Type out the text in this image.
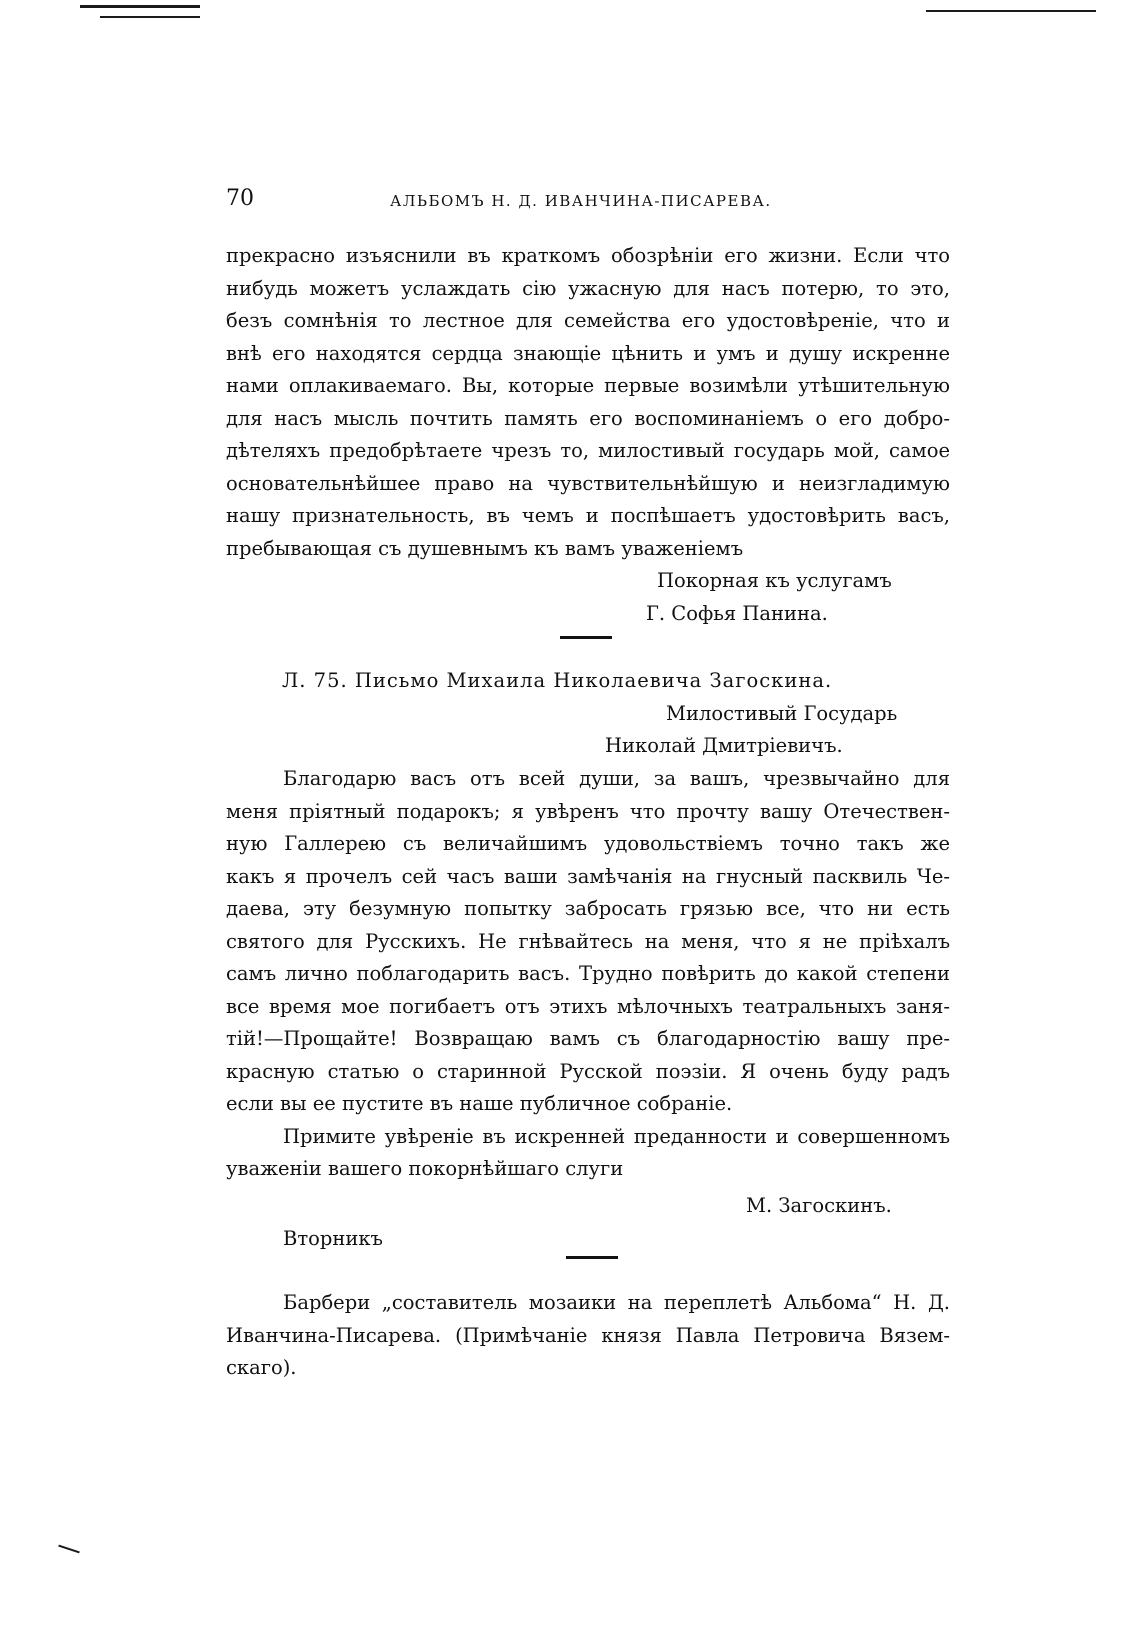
70	АЛЬБОМЪ Н. Д. ИВАНЧИНА-ПИСАРЕВА.
прекрасно изъяснили въ краткомъ обозрѣніи его жизни. Если что
нибудь можетъ услаждать сію ужасную для насъ потерю, то это,
безъ сомнѣнія то лестное для семейства его удостовѣреніе, что и
внѣ его находятся сердца знающіе цѣнить и умъ и душу искренне
нами оплакиваемаго. Вы, которые первые возимѣли утѣшительную
для насъ мысль почтить память его воспоминаніемъ о его добро-
дѣтеляхъ предобрѣтаете чрезъ то, милостивый государь мой, самое
основательнѣйшее право на чувствительнѣйшую и неизгладимую
нашу признательность, въ чемъ и поспѣшаетъ удостовѣрить васъ,
пребывающая съ душевнымъ къ вамъ уваженіемъ
Покорная къ услугамъ
Г. Софья Панина.
Л. 75. Письмо Михаила Николаевича Загоскина.
Милостивый Государь
Николай Дмитріевичъ.
Благодарю васъ отъ всей души, за вашъ, чрезвычайно для
меня пріятный подарокъ; я увѣренъ что прочту вашу Отечествен-
ную Галлерею съ величайшимъ удовольствіемъ точно такъ же
какъ я прочелъ сей часъ ваши замѣчанія на гнусный пасквиль Че-
даева, эту безумную попытку забросать грязью все, что ни есть
святого для Русскихъ. Не гнѣвайтесь на меня, что я не пріѣхалъ
самъ лично поблагодарить васъ. Трудно повѣрить до какой степени
все время мое погибаетъ отъ этихъ мѣлочныхъ театральныхъ заня-
тій!—Прощайте! Возвращаю вамъ съ благодарностію вашу пре-
красную статью о старинной Русской поэзіи. Я очень буду радъ
если вы ее пустите въ наше публичное собраніе.
Примите увѣреніе въ искренней преданности и совершенномъ
уваженіи вашего покорнѣйшаго слуги
М. Загоскинъ.
Вторникъ
Барбери „составитель мозаики на переплетѣ Альбома“ Н. Д.
Иванчина-Писарева. (Примѣчаніе князя Павла Петровича Вязем-
скаго).
